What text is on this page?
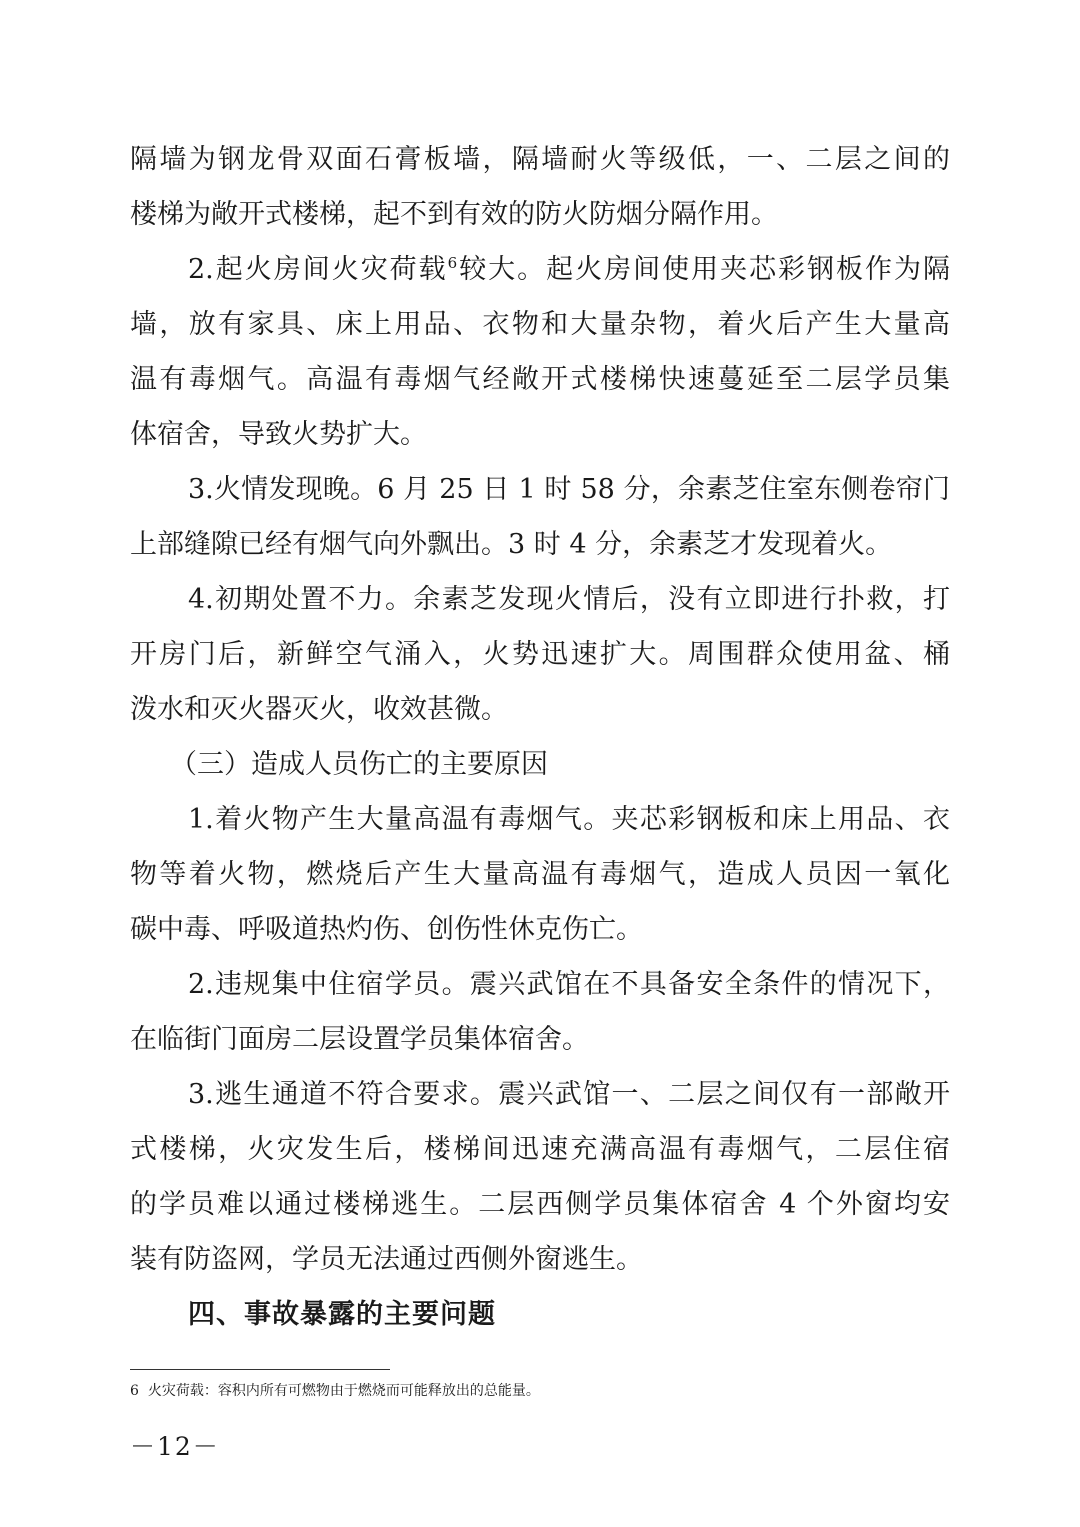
隔墙为钢龙骨双面石膏板墙，隔墙耐火等级低，一、二层之间的
楼梯为敞开式楼梯，起不到有效的防火防烟分隔作用。
2.起火房间火灾荷载$^6$较大。起火房间使用夹芯彩钢板作为隔
墙，放有家具、床上用品、衣物和大量杂物，着火后产生大量高
温有毒烟气。高温有毒烟气经敞开式楼梯快速蔓延至二层学员集
体宿舍，导致火势扩大。
3.火情发现晚。6 月 25 日 1 时 58 分，余素芝住室东侧卷帘门
上部缝隙已经有烟气向外飘出。3 时 4 分，余素芝才发现着火。
4.初期处置不力。余素芝发现火情后，没有立即进行扑救，打
开房门后，新鲜空气涌入，火势迅速扩大。周围群众使用盆、桶
泼水和灭火器灭火，收效甚微。
（三）造成人员伤亡的主要原因
1.着火物产生大量高温有毒烟气。夹芯彩钢板和床上用品、衣
物等着火物，燃烧后产生大量高温有毒烟气，造成人员因一氧化
碳中毒、呼吸道热灼伤、创伤性休克伤亡。
2.违规集中住宿学员。震兴武馆在不具备安全条件的情况下，
在临街门面房二层设置学员集体宿舍。
3.逃生通道不符合要求。震兴武馆一、二层之间仅有一部敞开
式楼梯，火灾发生后，楼梯间迅速充满高温有毒烟气，二层住宿
的学员难以通过楼梯逃生。二层西侧学员集体宿舍 4 个外窗均安
装有防盗网，学员无法通过西侧外窗逃生。
四、事故暴露的主要问题
6 火灾荷载：容积内所有可燃物由于燃烧而可能释放出的总能量。
－12－
